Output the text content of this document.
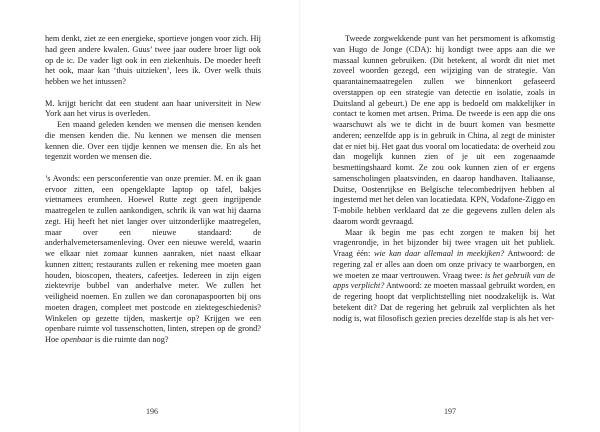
hem denkt, ziet ze een energieke, sportieve jongen voor zich. Hij had geen andere kwalen. Guus’ twee jaar oudere broer ligt ook op de ic. De vader ligt ook in een ziekenhuis. De moeder heeft het ook, maar kan ‘thuis uitzieken’, lees ik. Over welk thuis hebben we het intussen?

M. krijgt bericht dat een student aan haar universiteit in New York aan het virus is overleden.

Een maand geleden kenden we mensen die mensen kenden die mensen kenden die. Nu kennen we mensen die mensen kennen die. Over een tijdje kennen we mensen die. En als het tegenzit worden we mensen die.

’s Avonds: een persconferentie van onze premier. M. en ik gaan ervoor zitten, een opengeklapte laptop op tafel, bakjes vietnamees eromheen. Hoewel Rutte zegt geen ingrijpende maatregelen te zullen aankondigen, schrik ik van wat hij daarna zegt. Hij heeft het niet langer over uitzonderlijke maatregelen, maar over een nieuwe standaard: de anderhalvemetersamenleving. Over een nieuwe wereld, waarin we elkaar niet zomaar kunnen aanraken, niet naast elkaar kunnen zitten; restaurants zullen er rekening mee moeten gaan houden, bioscopen, theaters, cafeetjes. Iedereen in zijn eigen ziektevrije bubbel van anderhalve meter. We zullen het veiligheid noemen. En zullen we dan coronapaspoorten bij ons moeten dragen, compleet met postcode en ziektegeschiedenis? Winkelen op gezette tijden, maskertje op? Krijgen we een openbare ruimte vol tussenschotten, linten, strepen op de grond? Hoe openbaar is die ruimte dan nog?

196

Tweede zorgwekkende punt van het persmoment is afkomstig van Hugo de Jonge (CDA): hij kondigt twee apps aan die we massaal kunnen gebruiken. (Dit betekent, al wordt dit niet met zoveel woorden gezegd, een wijziging van de strategie. Van quarantainemaatregelen zullen we binnenkort gefaseerd overstappen op een strategie van detectie en isolatie, zoals in Duitsland al gebeurt.) De ene app is bedoeld om makkelijker in contact te komen met artsen. Prima. De tweede is een app die ons waarschuwt als we te dicht in de buurt komen van besmette anderen; eenzelfde app is in gebruik in China, al zegt de minister dat er niet bij. Het gaat dus vooral om locatiedata: de overheid zou dan mogelijk kunnen zien of je uit een zogenaamde besmettingshaard komt. Ze zou ook kunnen zien of er ergens samenscholingen plaatsvinden, en daarop handhaven. Italiaanse, Duitse, Oostenrijkse en Belgische telecombedrijven hebben al ingestemd met het delen van locatiedata. KPN, Vodafone-Ziggo en T-mobile hebben verklaard dat ze die gegevens zullen delen als daarom wordt gevraagd.

Maar ik begin me pas echt zorgen te maken bij het vragenrondje, in het bijzonder bij twee vragen uit het publiek. Vraag één: wie kan daar allemaal in meekijken? Antwoord: de regering zal er alles aan doen om onze privacy te waarborgen, en we moeten ze maar vertrouwen. Vraag twee: is het gebruik van de apps verplicht? Antwoord: ze moeten massaal gebruikt worden, en de regering hoopt dat verplichtstelling niet noodzakelijk is. Wat betekent dit? Dat de regering het gebruik zal verplichten als het nodig is, wat filosofisch gezien precies dezelfde stap is als het ver-

197
